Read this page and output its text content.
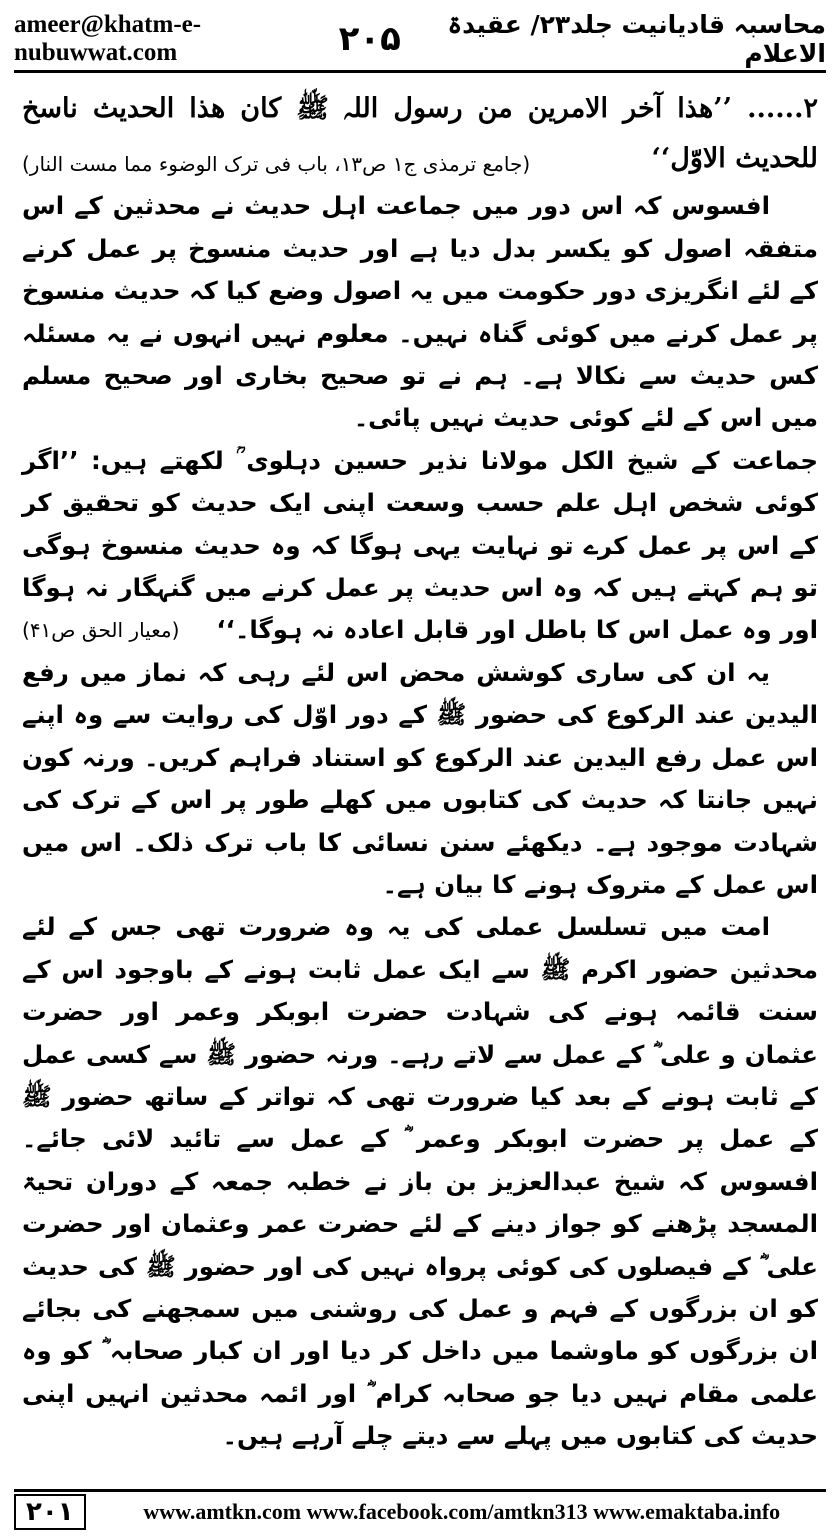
ameer@khatm-e-nubuwwat.com	۲۰۵	محاسبہ قادیانیت جلد۲۳/ عقیدۃ الاعلام

۲...... ’’ھذا آخر الامرین من رسول اللہ ﷺ کان ھذا الحدیث ناسخ للحدیث الاوّل‘‘

(جامع ترمذی ج۱ ص۱۳، باب فی ترک الوضوء مما مست النار)

افسوس کہ اس دور میں جماعت اہل حدیث نے محدثین کے اس متفقہ اصول کو یکسر بدل دیا ہے اور حدیث منسوخ پر عمل کرنے کے لئے انگریزی دور حکومت میں یہ اصول وضع کیا کہ حدیث منسوخ پر عمل کرنے میں کوئی گناہ نہیں۔ معلوم نہیں انہوں نے یہ مسئلہ کس حدیث سے نکالا ہے۔ ہم نے تو صحیح بخاری اور صحیح مسلم میں اس کے لئے کوئی حدیث نہیں پائی۔

جماعت کے شیخ الکل مولانا نذیر حسین دہلوی ؒ لکھتے ہیں: ’’اگر کوئی شخص اہل علم حسب وسعت اپنی ایک حدیث کو تحقیق کر کے اس پر عمل کرے تو نہایت یہی ہوگا کہ وہ حدیث منسوخ ہوگی تو ہم کہتے ہیں کہ وہ اس حدیث پر عمل کرنے میں گنہگار نہ ہوگا اور وہ عمل اس کا باطل اور قابل اعادہ نہ ہوگا۔‘‘
(معیار الحق ص۴۱)

یہ ان کی ساری کوشش محض اس لئے رہی کہ نماز میں رفع الیدین عند الرکوع کی حضور ﷺ کے دور اوّل کی روایت سے وہ اپنے اس عمل رفع الیدین عند الرکوع کو استناد فراہم کریں۔ ورنہ کون نہیں جانتا کہ حدیث کی کتابوں میں کھلے طور پر اس کے ترک کی شہادت موجود ہے۔ دیکھئے سنن نسائی کا باب ترک ذلک۔ اس میں اس عمل کے متروک ہونے کا بیان ہے۔

امت میں تسلسل عملی کی یہ وہ ضرورت تھی جس کے لئے محدثین حضور اکرم ﷺ سے ایک عمل ثابت ہونے کے باوجود اس کے سنت قائمہ ہونے کی شہادت حضرت ابوبکر وعمر اور حضرت عثمان و علی ؓ کے عمل سے لاتے رہے۔ ورنہ حضور ﷺ سے کسی عمل کے ثابت ہونے کے بعد کیا ضرورت تھی کہ تواتر کے ساتھ حضور ﷺ کے عمل پر حضرت ابوبکر وعمر ؓ کے عمل سے تائید لائی جائے۔ افسوس کہ شیخ عبدالعزیز بن باز نے خطبہ جمعہ کے دوران تحیۃ المسجد پڑھنے کو جواز دینے کے لئے حضرت عمر وعثمان اور حضرت علی ؓ کے فیصلوں کی کوئی پرواہ نہیں کی اور حضور ﷺ کی حدیث کو ان بزرگوں کے فہم و عمل کی روشنی میں سمجھنے کی بجائے ان بزرگوں کو ماوشما میں داخل کر دیا اور ان کبار صحابہ ؓ کو وہ علمی مقام نہیں دیا جو صحابہ کرام ؓ اور ائمہ محدثین انہیں اپنی حدیث کی کتابوں میں پہلے سے دیتے چلے آرہے ہیں۔

۲۰۱	www.amtkn.com www.facebook.com/amtkn313 www.emaktaba.info
